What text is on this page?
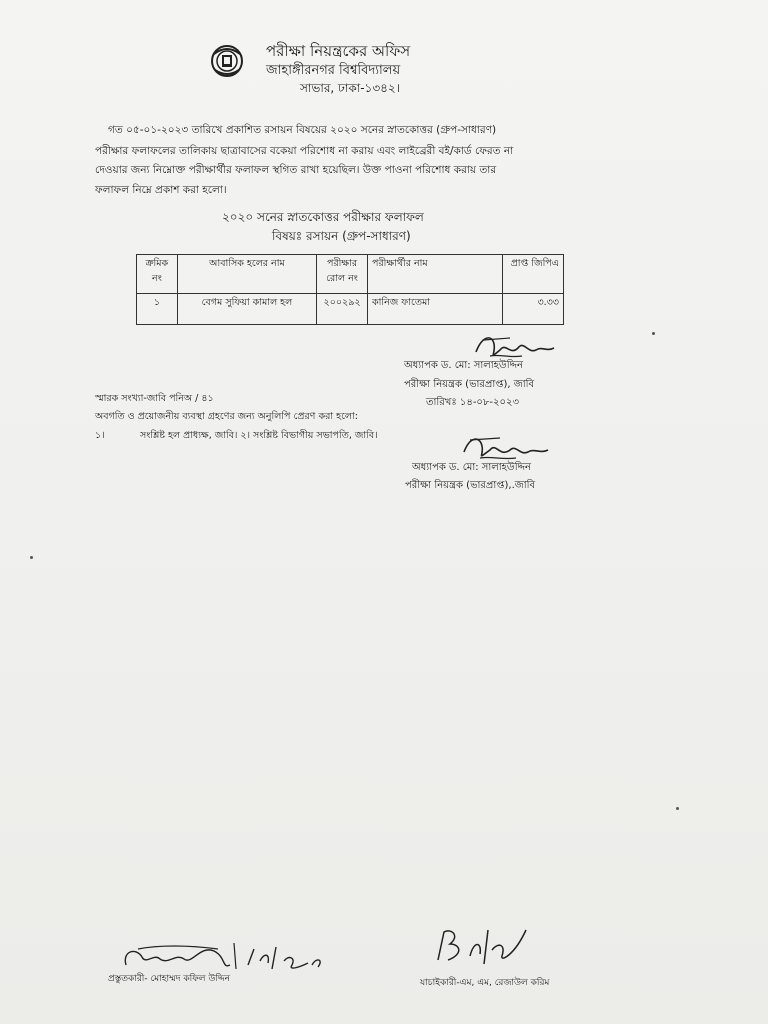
পরীক্ষা নিয়ন্ত্রকের অফিস
জাহাঙ্গীরনগর বিশ্ববিদ্যালয়
সাভার, ঢাকা-১৩৪২।
গত ০৫-০১-২০২৩ তারিখে প্রকাশিত রসায়ন বিষয়ের ২০২০ সনের স্নাতকোত্তর (গ্রুপ-সাধারণ)
পরীক্ষার ফলাফলের তালিকায় ছাত্রাবাসের বকেয়া পরিশোধ না করায় এবং লাইব্রেরী বই/কার্ড ফেরত না
দেওয়ার জন্য নিম্নোক্ত পরীক্ষার্থীর ফলাফল স্থগিত রাখা হয়েছিল। উক্ত পাওনা পরিশোধ করায় তার
ফলাফল নিম্নে প্রকাশ করা হলো।
২০২০ সনের স্নাতকোত্তর পরীক্ষার ফলাফল
বিষয়ঃ রসায়ন (গ্রুপ-সাধারণ)
ক্রমিক নং	আবাসিক হলের নাম	পরীক্ষার রোল নং	পরীক্ষার্থীর নাম	প্রাপ্ত জিপিএ
১	বেগম সুফিয়া কামাল হল	২০০২৯২	কানিজ ফাতেমা	৩.৩৩
অধ্যাপক ড. মো: সালাহউদ্দিন
পরীক্ষা নিয়ন্ত্রক (ভারপ্রাপ্ত), জাবি
তারিখঃ ১৪-০৮-২০২৩
স্মারক সংখ্যা-জাবি পনিঅ / ৪১
অবগতি ও প্রয়োজনীয় ব্যবস্থা গ্রহণের জন্য অনুলিপি প্রেরণ করা হলো:
১।	সংশ্লিষ্ট হল প্রাধ্যক্ষ, জাবি। ২। সংশ্লিষ্ট বিভাগীয় সভাপতি, জাবি।
অধ্যাপক ড. মো: সালাহউদ্দিন
পরীক্ষা নিয়ন্ত্রক (ভারপ্রাপ্ত),.জাবি
প্রস্তুতকারী- মোহাম্মদ কফিল উদ্দিন	যাচাইকারী-এম, এম, রেজাউল করিম
